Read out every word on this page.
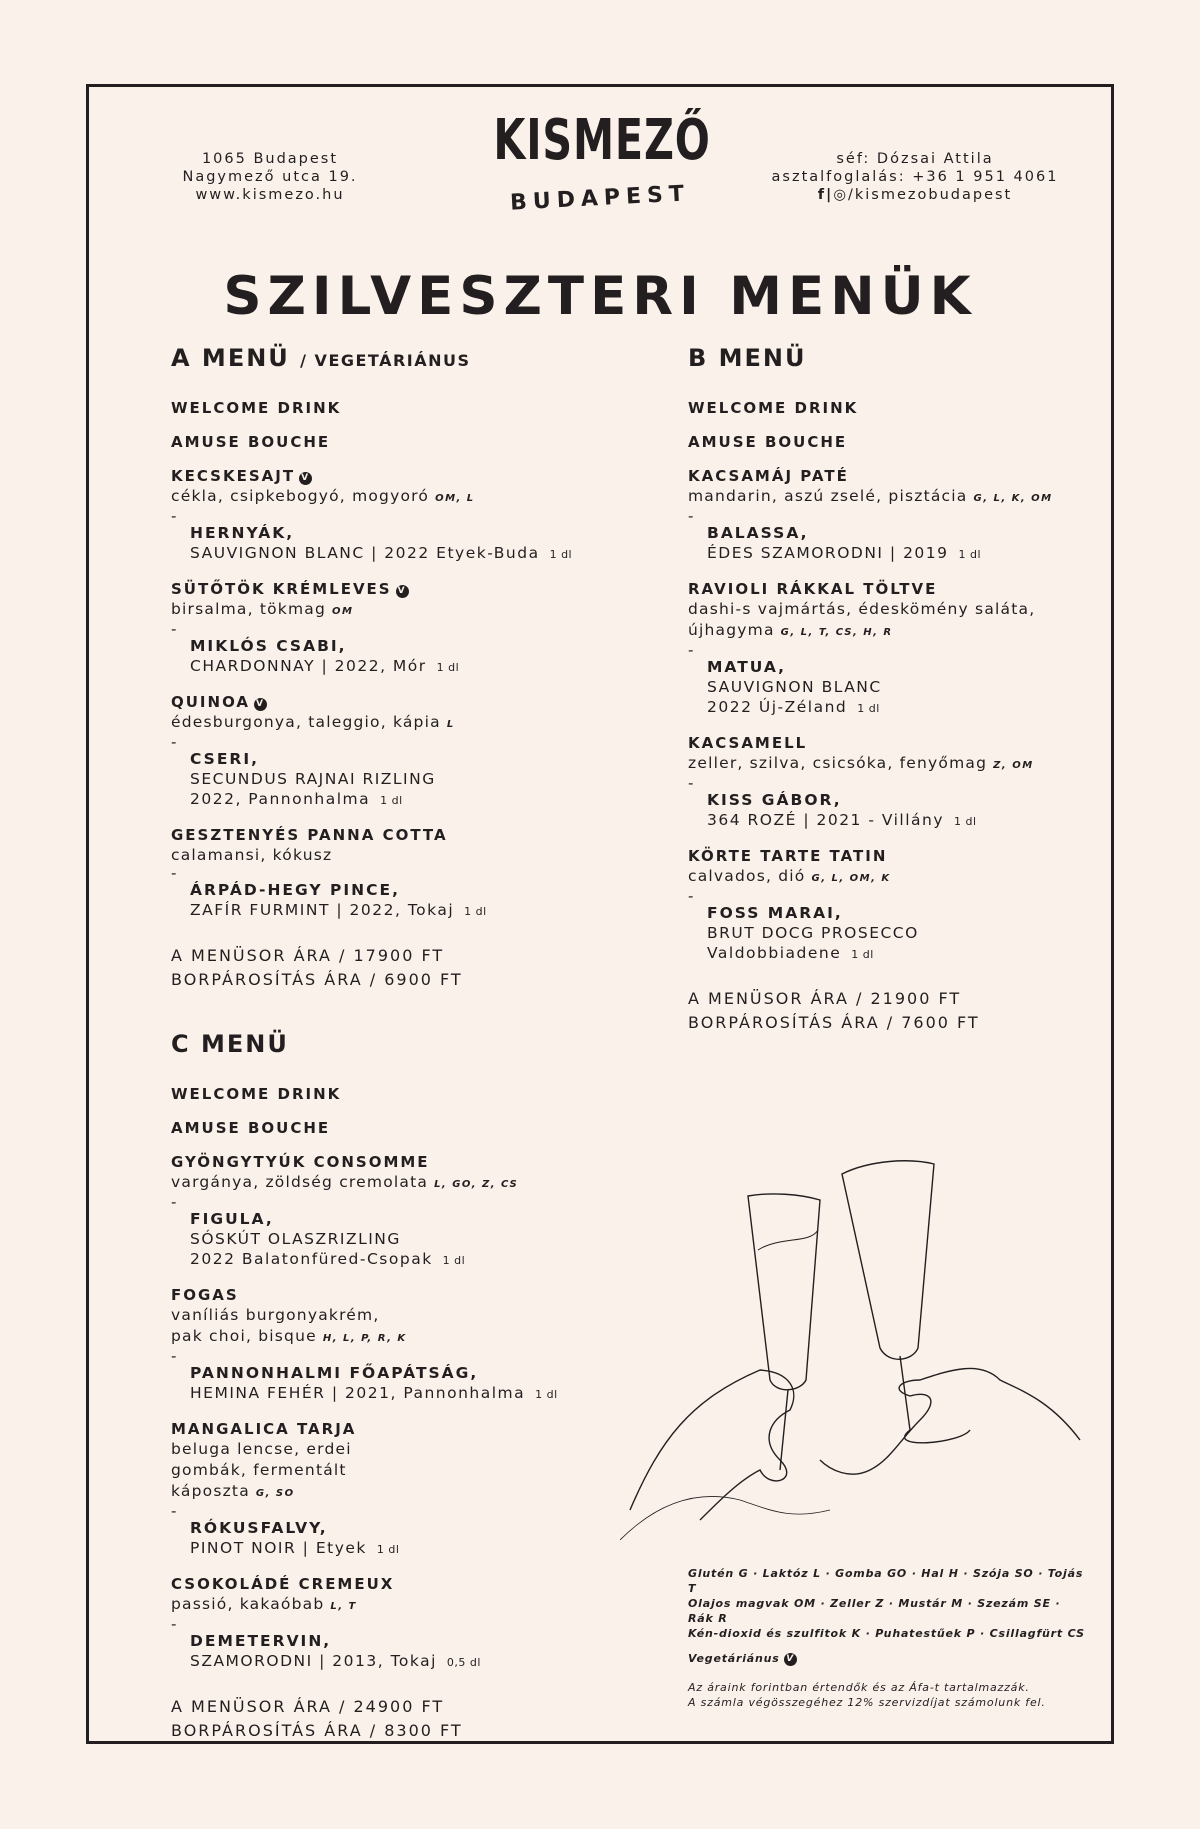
1065 Budapest
Nagymező utca 19.
www.kismezo.hu
KISMEZŐ
BUDAPEST
séf: Dózsai Attila
asztalfoglalás: +36 1 951 4061
f|◎/kismezobudapest
SZILVESZTERI MENÜK
A MENÜ / VEGETÁRIÁNUS
WELCOME DRINK
AMUSE BOUCHE
KECSKESAJT V
cékla, csipkebogyó, mogyoró OM, L
-
HERNYÁK,
SAUVIGNON BLANC | 2022 Etyek-Buda 1 dl
SÜTŐTÖK KRÉMLEVES V
birsalma, tökmag OM
-
MIKLÓS CSABI,
CHARDONNAY | 2022, Mór 1 dl
QUINOA V
édesburgonya, taleggio, kápia L
-
CSERI,
SECUNDUS RAJNAI RIZLING
2022, Pannonhalma 1 dl
GESZTENYÉS PANNA COTTA
calamansi, kókusz
-
ÁRPÁD-HEGY PINCE,
ZAFÍR FURMINT | 2022, Tokaj 1 dl
A MENÜSOR ÁRA / 17900 FT
BORPÁROSÍTÁS ÁRA / 6900 FT
B MENÜ
WELCOME DRINK
AMUSE BOUCHE
KACSAMÁJ PATÉ
mandarin, aszú zselé, pisztácia G, L, K, OM
-
BALASSA,
ÉDES SZAMORODNI | 2019 1 dl
RAVIOLI RÁKKAL TÖLTVE
dashi-s vajmártás, édeskömény saláta, újhagyma G, L, T, CS, H, R
-
MATUA,
SAUVIGNON BLANC
2022 Új-Zéland 1 dl
KACSAMELL
zeller, szilva, csicsóka, fenyőmag Z, OM
-
KISS GÁBOR,
364 ROZÉ | 2021 - Villány 1 dl
KÖRTE TARTE TATIN
calvados, dió G, L, OM, K
-
FOSS MARAI,
BRUT DOCG PROSECCO
Valdobbiadene 1 dl
A MENÜSOR ÁRA / 21900 FT
BORPÁROSÍTÁS ÁRA / 7600 FT
C MENÜ
WELCOME DRINK
AMUSE BOUCHE
GYÖNGYTYÚK CONSOMME
vargánya, zöldség cremolata L, GO, Z, CS
-
FIGULA,
SÓSKÚT OLASZRIZLING
2022 Balatonfüred-Csopak 1 dl
FOGAS
vaníliás burgonyakrém, pak choi, bisque H, L, P, R, K
-
PANNONHALMI FŐAPÁTSÁG,
HEMINA FEHÉR | 2021, Pannonhalma 1 dl
MANGALICA TARJA
beluga lencse, erdei gombák, fermentált káposzta G, SO
-
RÓKUSFALVY,
PINOT NOIR | Etyek 1 dl
CSOKOLÁDÉ CREMEUX
passió, kakaóbab L, T
-
DEMETERVIN,
SZAMORODNI | 2013, Tokaj 0,5 dl
A MENÜSOR ÁRA / 24900 FT
BORPÁROSÍTÁS ÁRA / 8300 FT
Glutén G · Laktóz L · Gomba GO · Hal H · Szója SO · Tojás T
Olajos magvak OM · Zeller Z · Mustár M · Szezám SE · Rák R
Kén-dioxid és szulfitok K · Puhatestűek P · Csillagfürt CS
Vegetáriánus V
Az áraink forintban értendők és az Áfa-t tartalmazzák.
A számla végösszegéhez 12% szervizdíjat számolunk fel.
